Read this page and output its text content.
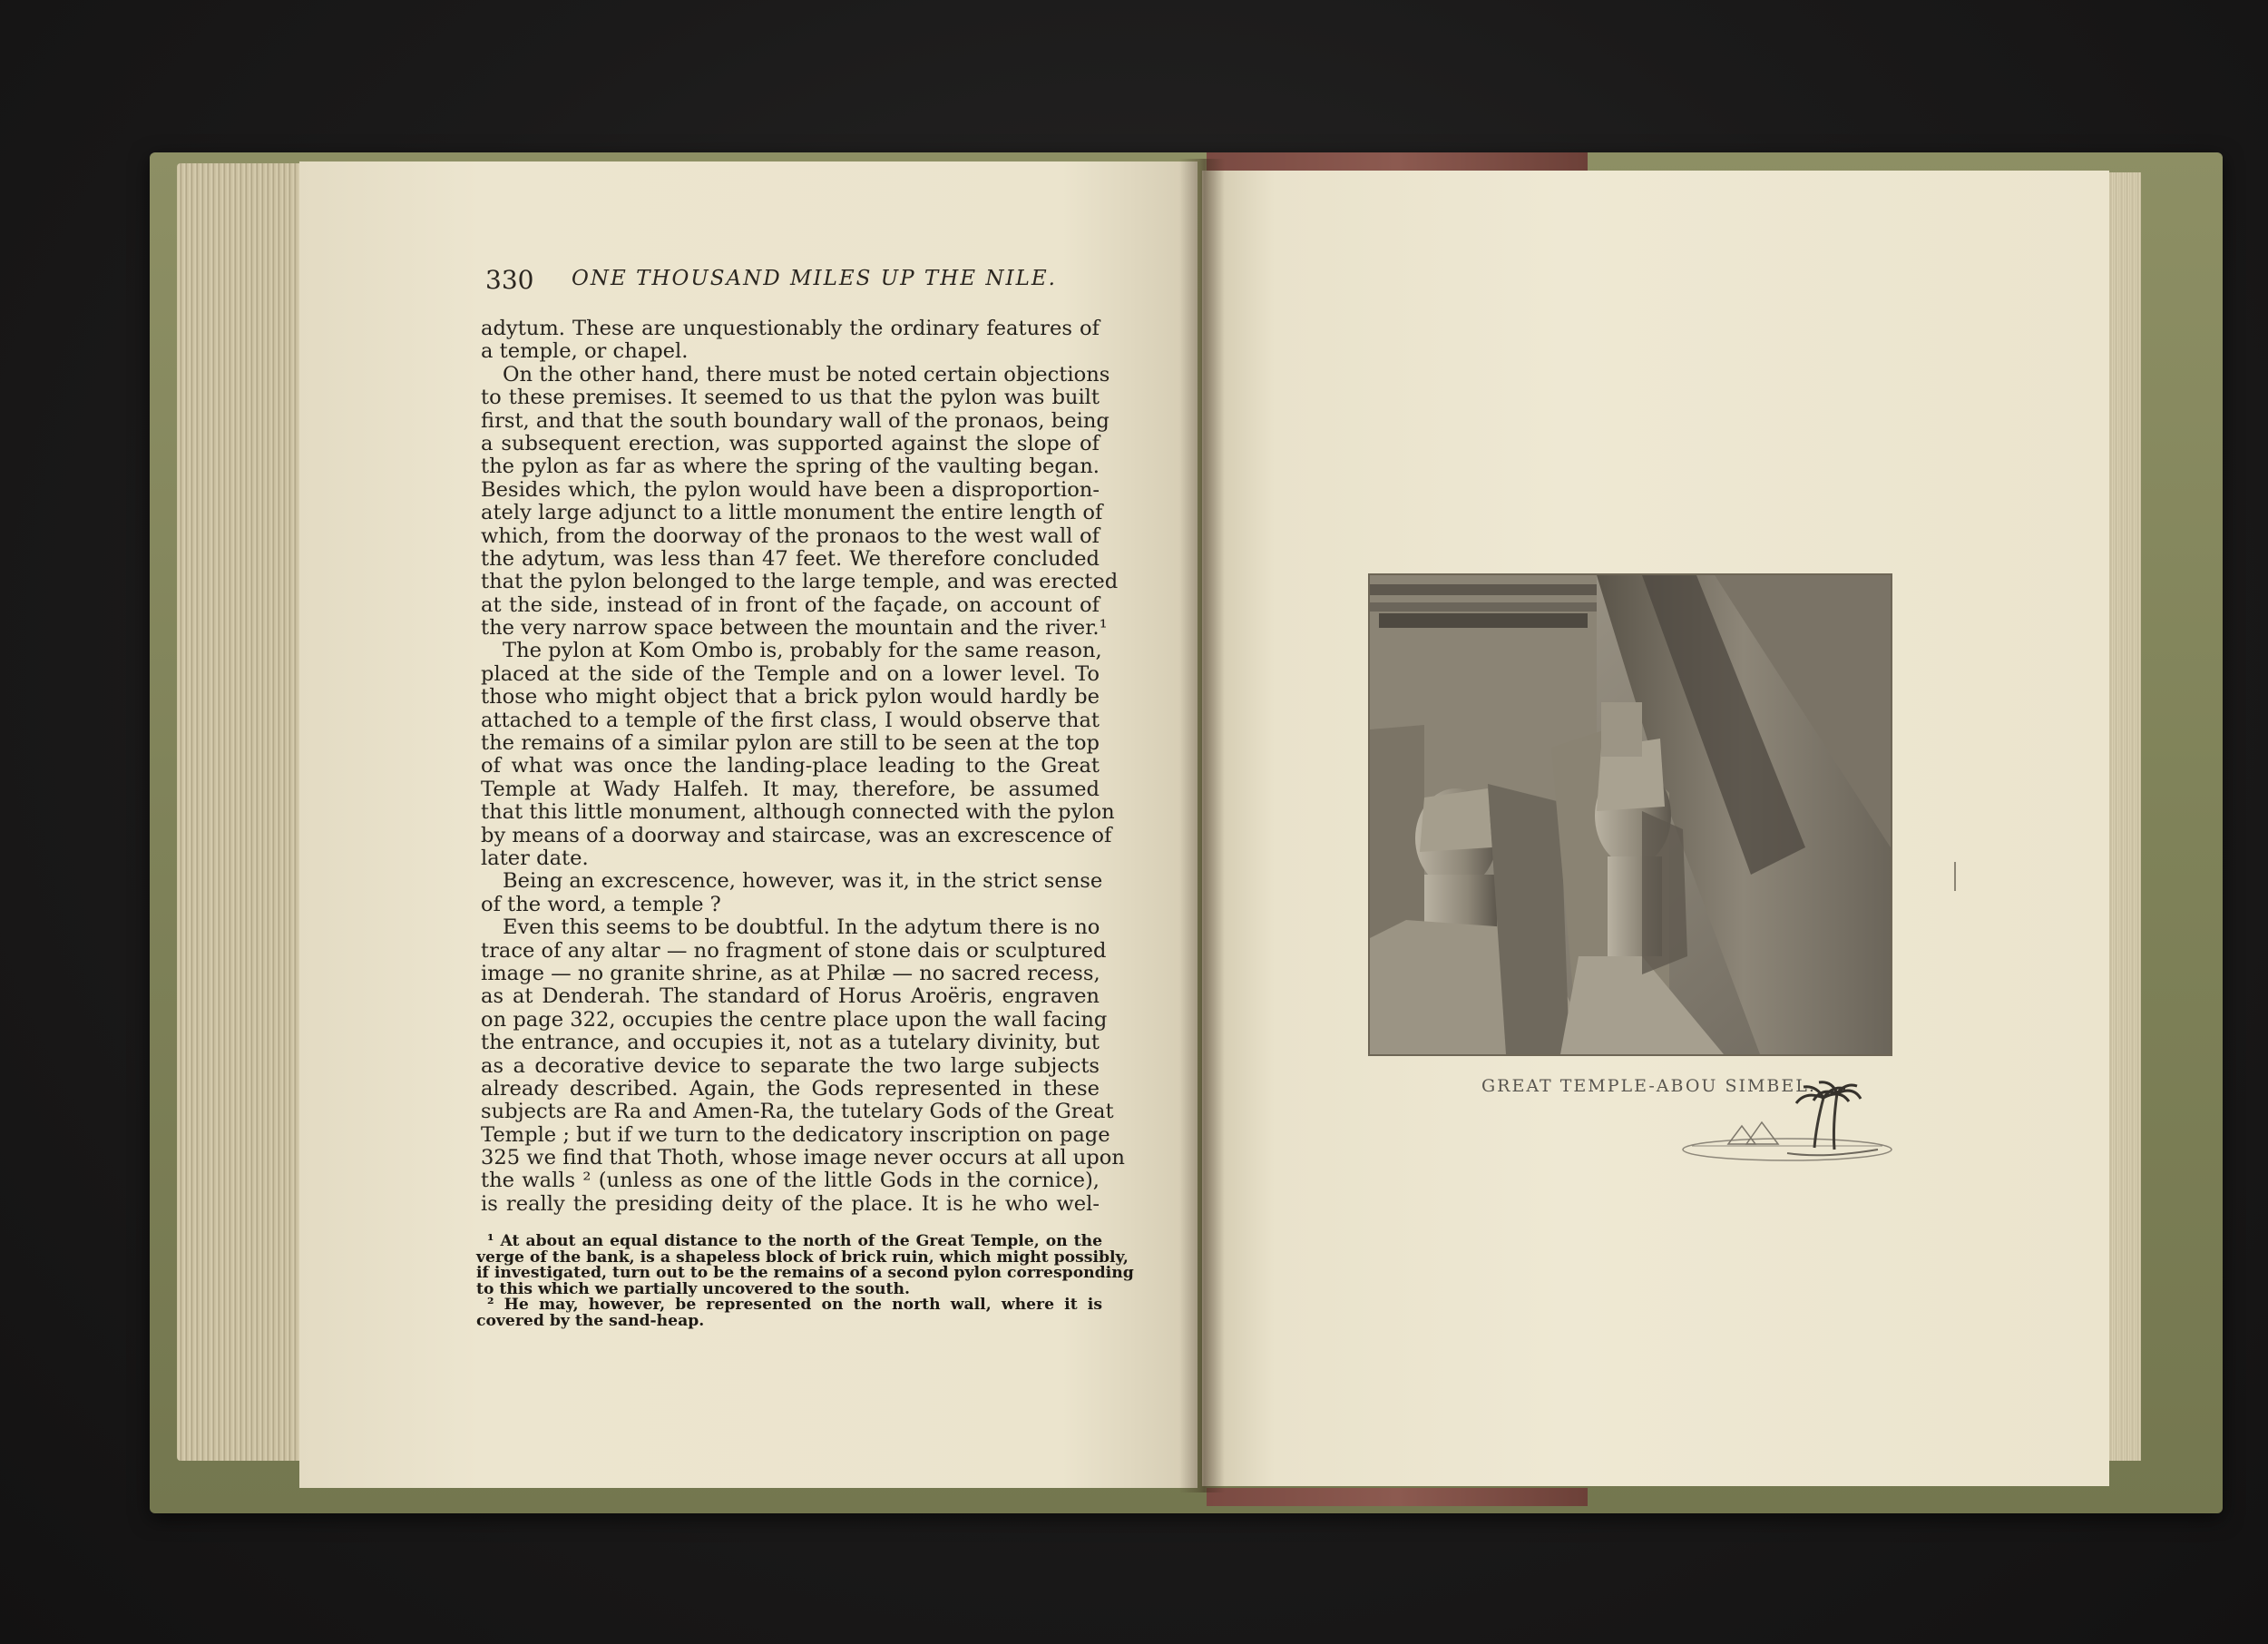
330 ONE THOUSAND MILES UP THE NILE.
adytum. These are unquestionably the ordinary features of
a temple, or chapel.
On the other hand, there must be noted certain objections
to these premises. It seemed to us that the pylon was built
first, and that the south boundary wall of the pronaos, being
a subsequent erection, was supported against the slope of
the pylon as far as where the spring of the vaulting began.
Besides which, the pylon would have been a disproportion-
ately large adjunct to a little monument the entire length of
which, from the doorway of the pronaos to the west wall of
the adytum, was less than 47 feet. We therefore concluded
that the pylon belonged to the large temple, and was erected
at the side, instead of in front of the façade, on account of
the very narrow space between the mountain and the river.¹
The pylon at Kom Ombo is, probably for the same reason,
placed at the side of the Temple and on a lower level. To
those who might object that a brick pylon would hardly be
attached to a temple of the first class, I would observe that
the remains of a similar pylon are still to be seen at the top
of what was once the landing-place leading to the Great
Temple at Wady Halfeh. It may, therefore, be assumed
that this little monument, although connected with the pylon
by means of a doorway and staircase, was an excrescence of
later date.
Being an excrescence, however, was it, in the strict sense
of the word, a temple ?
Even this seems to be doubtful. In the adytum there is no
trace of any altar — no fragment of stone dais or sculptured
image — no granite shrine, as at Philæ — no sacred recess,
as at Denderah. The standard of Horus Aroëris, engraven
on page 322, occupies the centre place upon the wall facing
the entrance, and occupies it, not as a tutelary divinity, but
as a decorative device to separate the two large subjects
already described. Again, the Gods represented in these
subjects are Ra and Amen-Ra, the tutelary Gods of the Great
Temple ; but if we turn to the dedicatory inscription on page
325 we find that Thoth, whose image never occurs at all upon
the walls ² (unless as one of the little Gods in the cornice),
is really the presiding deity of the place. It is he who wel-
¹ At about an equal distance to the north of the Great Temple, on the
verge of the bank, is a shapeless block of brick ruin, which might possibly,
if investigated, turn out to be the remains of a second pylon corresponding
to this which we partially uncovered to the south.
² He may, however, be represented on the north wall, where it is
covered by the sand-heap.
GREAT TEMPLE-ABOU SIMBEL.
